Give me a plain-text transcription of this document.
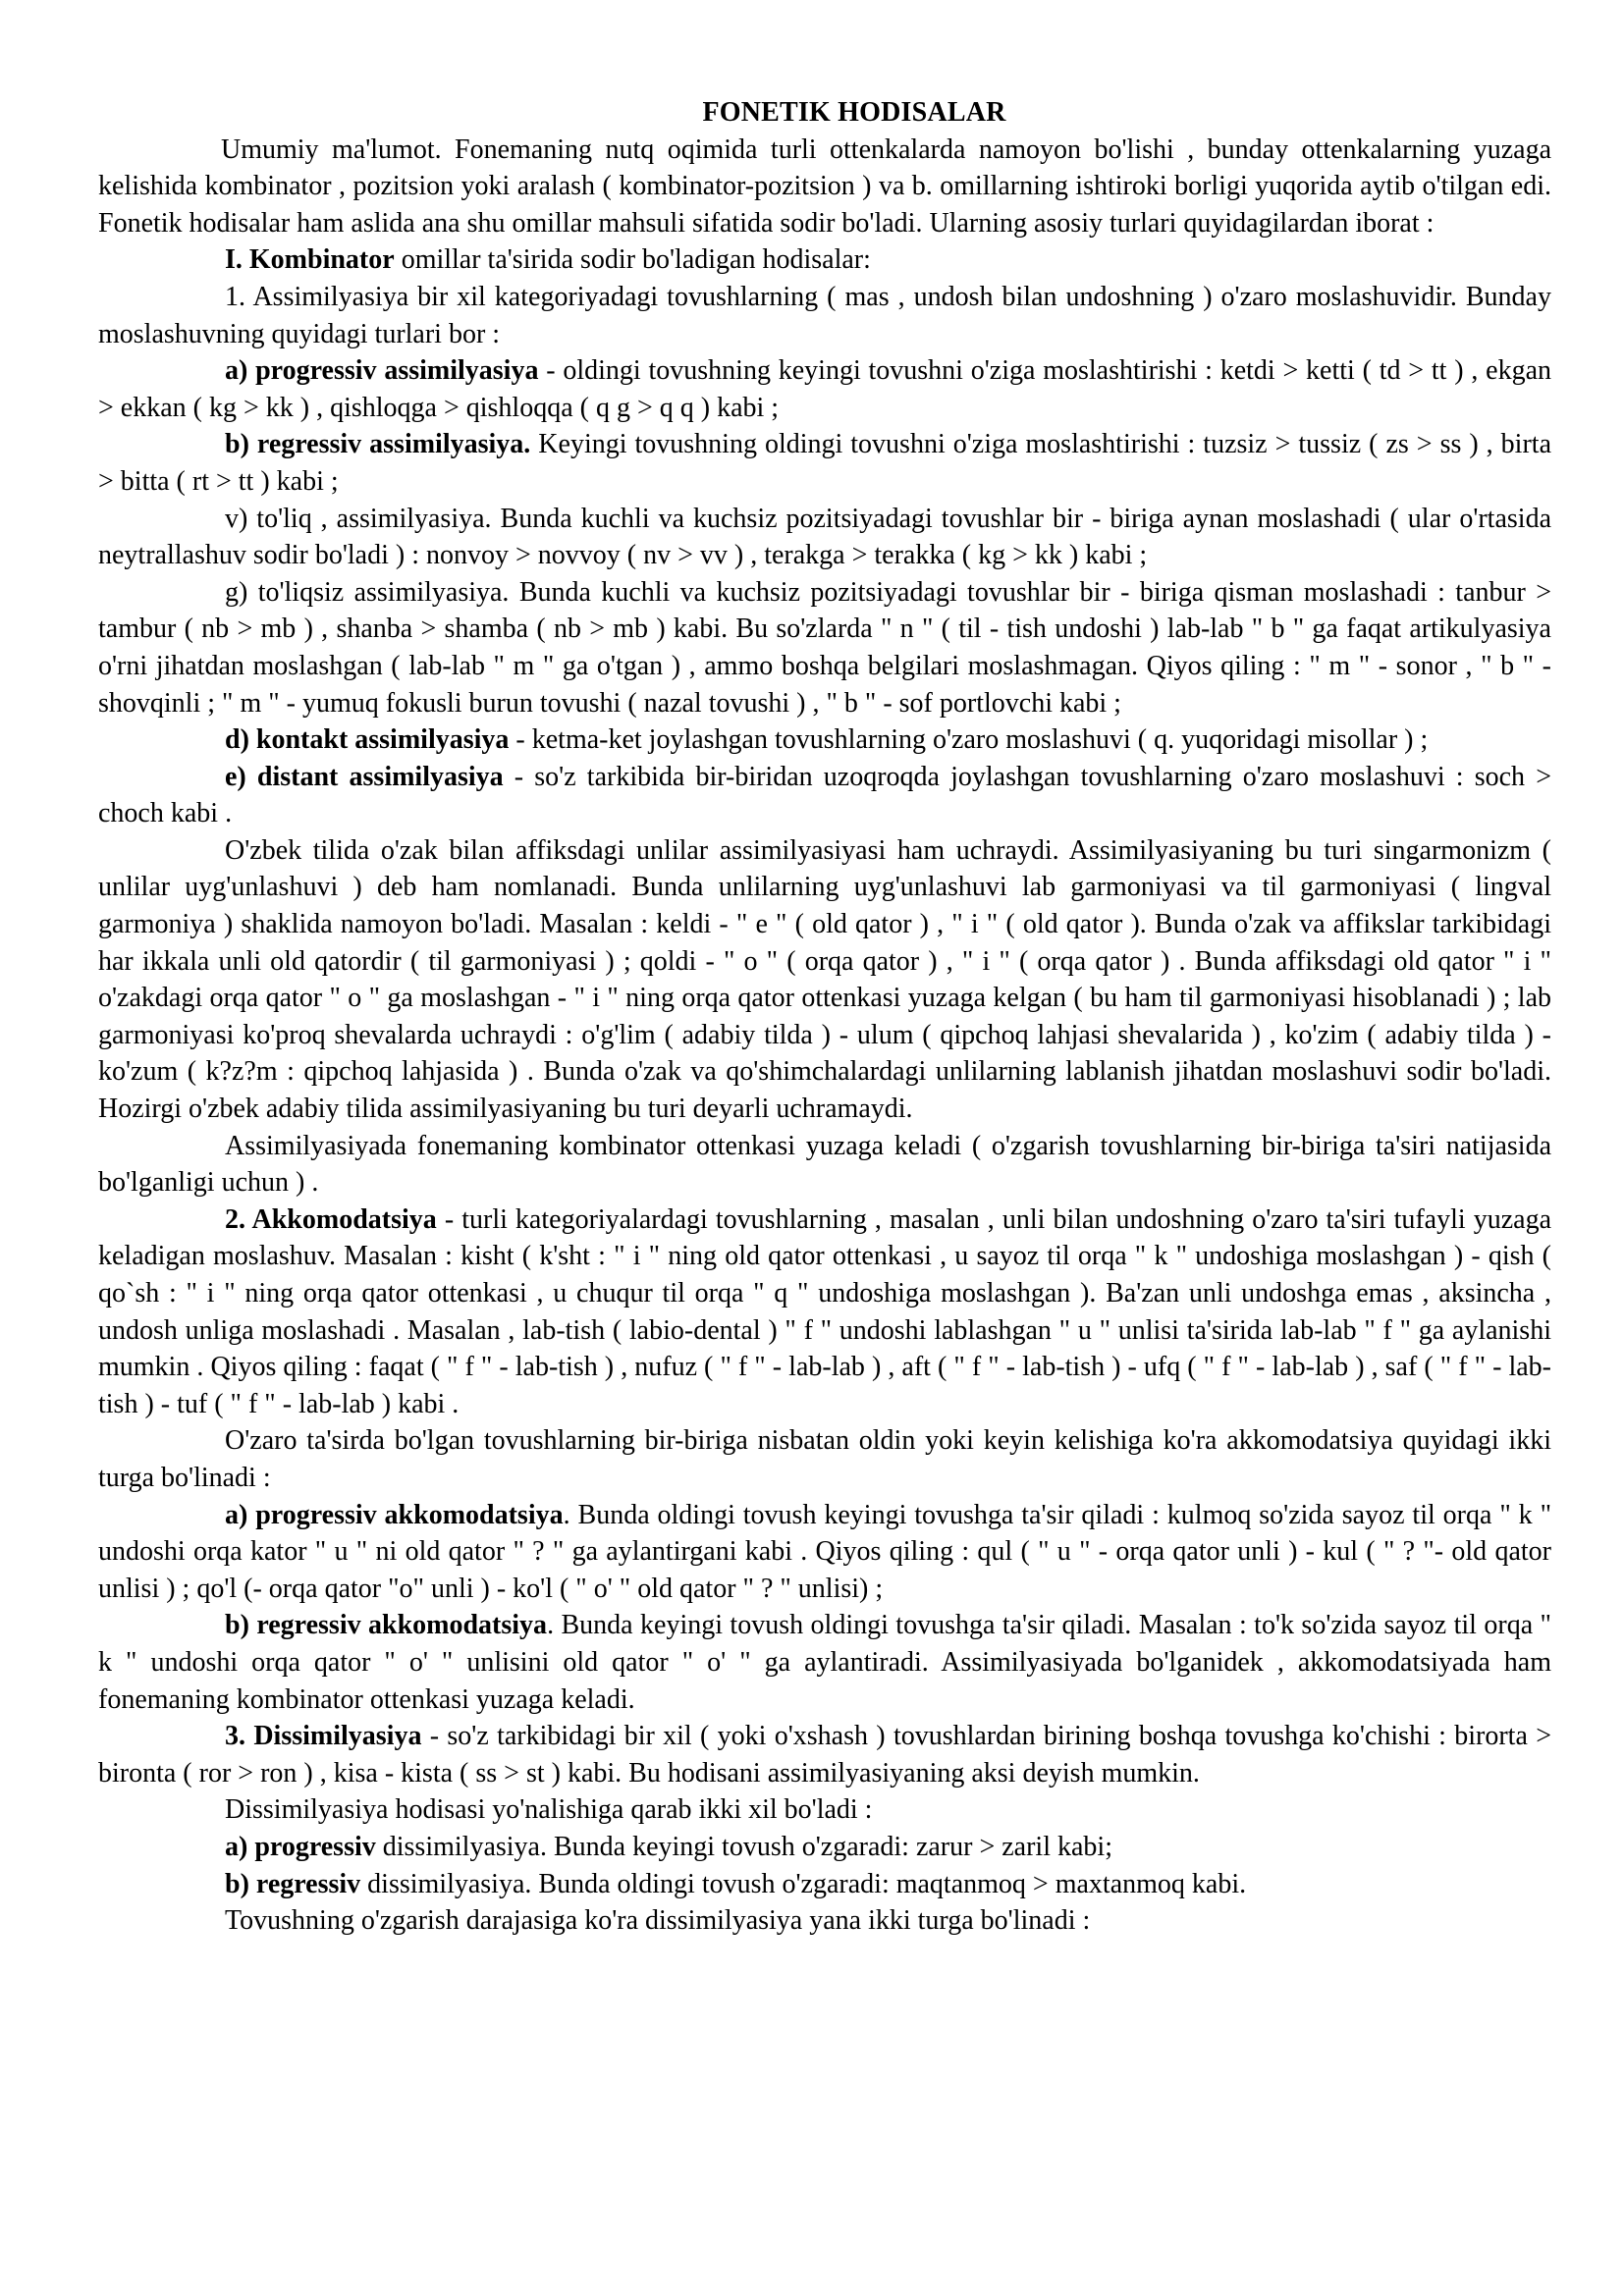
FONETIK HODISALAR

Umumiy ma'lumot. Fonemaning nutq oqimida turli ottenkalarda namoyon bo'lishi , bunday ottenkalarning yuzaga kelishida kombinator , pozitsion yoki aralash ( kombinator-pozitsion ) va b. omillarning ishtiroki borligi yuqorida aytib o'tilgan edi. Fonetik hodisalar ham aslida ana shu omillar mahsuli sifatida sodir bo'ladi. Ularning asosiy turlari quyidagilardan iborat :

I. Kombinator omillar ta'sirida sodir bo'ladigan hodisalar:

1. Assimilyasiya bir xil kategoriyadagi tovushlarning ( mas , undosh bilan undoshning ) o'zaro moslashuvidir. Bunday moslashuvning quyidagi turlari bor :

a) progressiv assimilyasiya - oldingi tovushning keyingi tovushni o'ziga moslashtirishi : ketdi > ketti ( td > tt ) , ekgan > ekkan ( kg > kk ) , qishloqga > qishloqqa ( q g > q q ) kabi ;

b) regressiv assimilyasiya. Keyingi tovushning oldingi tovushni o'ziga moslashtirishi : tuzsiz > tussiz ( zs > ss ) , birta > bitta ( rt > tt ) kabi ;

v) to'liq , assimilyasiya. Bunda kuchli va kuchsiz pozitsiyadagi tovushlar bir - biriga aynan moslashadi ( ular o'rtasida neytrallashuv sodir bo'ladi ) : nonvoy > novvoy ( nv > vv ) , terakga > terakka ( kg > kk ) kabi ;

g) to'liqsiz assimilyasiya. Bunda kuchli va kuchsiz pozitsiyadagi tovushlar bir - biriga qisman moslashadi : tanbur > tambur ( nb > mb ) , shanba > shamba ( nb > mb ) kabi. Bu so'zlarda " n " ( til - tish undoshi ) lab-lab " b " ga faqat artikulyasiya o'rni jihatdan moslashgan ( lab-lab " m " ga o'tgan ) , ammo boshqa belgilari moslashmagan. Qiyos qiling : " m " - sonor , " b " - shovqinli ; " m " - yumuq fokusli burun tovushi ( nazal tovushi ) , " b " - sof portlovchi kabi ;

d) kontakt assimilyasiya - ketma-ket joylashgan tovushlarning o'zaro moslashuvi ( q. yuqoridagi misollar ) ;

e) distant assimilyasiya - so'z tarkibida bir-biridan uzoqroqda joylashgan tovushlarning o'zaro moslashuvi : soch > choch kabi .

O'zbek tilida o'zak bilan affiksdagi unlilar assimilyasiyasi ham uchraydi. Assimilyasiyaning bu turi singarmonizm ( unlilar uyg'unlashuvi ) deb ham nomlanadi. Bunda unlilarning uyg'unlashuvi lab garmoniyasi va til garmoniyasi ( lingval garmoniya ) shaklida namoyon bo'ladi. Masalan : keldi - " e " ( old qator ) , " i " ( old qator ). Bunda o'zak va affikslar tarkibidagi har ikkala unli old qatordir ( til garmoniyasi ) ; qoldi - " o " ( orqa qator ) , " i " ( orqa qator ) . Bunda affiksdagi old qator " i " o'zakdagi orqa qator " o " ga moslashgan - " i " ning orqa qator ottenkasi yuzaga kelgan ( bu ham til garmoniyasi hisoblanadi ) ; lab garmoniyasi ko'proq shevalarda uchraydi : o'g'lim ( adabiy tilda ) - ulum ( qipchoq lahjasi shevalarida ) , ko'zim ( adabiy tilda ) - ko'zum ( k?z?m : qipchoq lahjasida ) . Bunda o'zak va qo'shimchalardagi unlilarning lablanish jihatdan moslashuvi sodir bo'ladi. Hozirgi o'zbek adabiy tilida assimilyasiyaning bu turi deyarli uchramaydi.

Assimilyasiyada fonemaning kombinator ottenkasi yuzaga keladi ( o'zgarish tovushlarning bir-biriga ta'siri natijasida bo'lganligi uchun ) .

2. Akkomodatsiya - turli kategoriyalardagi tovushlarning , masalan , unli bilan undoshning o'zaro ta'siri tufayli yuzaga keladigan moslashuv. Masalan : kisht ( k'sht : " i " ning old qator ottenkasi , u sayoz til orqa " k " undoshiga moslashgan ) - qish ( qo`sh : " i " ning orqa qator ottenkasi , u chuqur til orqa " q " undoshiga moslashgan ). Ba'zan unli undoshga emas , aksincha , undosh unliga moslashadi . Masalan , lab-tish ( labio-dental ) " f " undoshi lablashgan " u " unlisi ta'sirida lab-lab " f " ga aylanishi mumkin . Qiyos qiling : faqat ( " f " - lab-tish ) , nufuz ( " f " - lab-lab ) , aft ( " f " - lab-tish ) - ufq ( " f " - lab-lab ) , saf ( " f " - lab-tish ) - tuf ( " f " - lab-lab ) kabi .

O'zaro ta'sirda bo'lgan tovushlarning bir-biriga nisbatan oldin yoki keyin kelishiga ko'ra akkomodatsiya quyidagi ikki turga bo'linadi :

a) progressiv akkomodatsiya. Bunda oldingi tovush keyingi tovushga ta'sir qiladi : kulmoq so'zida sayoz til orqa " k " undoshi orqa kator " u " ni old qator " ? " ga aylantirgani kabi . Qiyos qiling : qul ( " u " - orqa qator unli ) - kul ( " ? "- old qator unlisi ) ; qo'l (- orqa qator "o" unli ) - ko'l ( " o' " old qator " ? " unlisi) ;

b) regressiv akkomodatsiya. Bunda keyingi tovush oldingi tovushga ta'sir qiladi. Masalan : to'k so'zida sayoz til orqa " k " undoshi orqa qator " o' " unlisini old qator " o' " ga aylantiradi. Assimilyasiyada bo'lganidek , akkomodatsiyada ham fonemaning kombinator ottenkasi yuzaga keladi.

3. Dissimilyasiya - so'z tarkibidagi bir xil ( yoki o'xshash ) tovushlardan birining boshqa tovushga ko'chishi : birorta > bironta ( ror > ron ) , kisa - kista ( ss > st ) kabi. Bu hodisani assimilyasiyaning aksi deyish mumkin.

Dissimilyasiya hodisasi yo'nalishiga qarab ikki xil bo'ladi :

a) progressiv dissimilyasiya. Bunda keyingi tovush o'zgaradi: zarur > zaril kabi;

b) regressiv dissimilyasiya. Bunda oldingi tovush o'zgaradi: maqtanmoq > maxtanmoq kabi.

Tovushning o'zgarish darajasiga ko'ra dissimilyasiya yana ikki turga bo'linadi :
